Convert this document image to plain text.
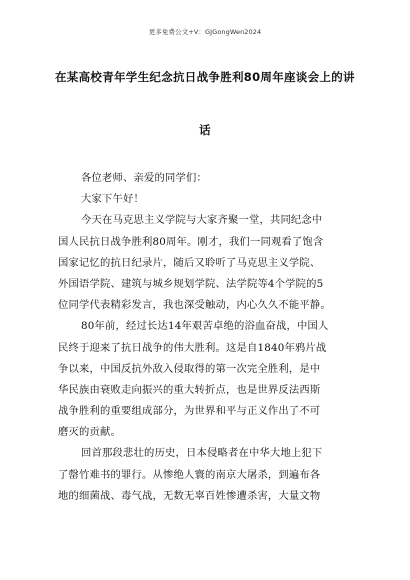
更多免费公文+V：GJGongWen2024
在某高校青年学生纪念抗日战争胜利80周年座谈会上的讲
话
各位老师、亲爱的同学们：
大家下午好！
今天在马克思主义学院与大家齐聚一堂，共同纪念中
国人民抗日战争胜利80周年。刚才，我们一同观看了饱含
国家记忆的抗日纪录片，随后又聆听了马克思主义学院、
外国语学院、建筑与城乡规划学院、法学院等4个学院的5
位同学代表精彩发言，我也深受触动，内心久久不能平静。
80年前，经过长达14年艰苦卓绝的浴血奋战，中国人
民终于迎来了抗日战争的伟大胜利。这是自1840年鸦片战
争以来，中国反抗外敌入侵取得的第一次完全胜利，是中
华民族由衰败走向振兴的重大转折点，也是世界反法西斯
战争胜利的重要组成部分，为世界和平与正义作出了不可
磨灭的贡献。
回首那段悲壮的历史，日本侵略者在中华大地上犯下
了罄竹难书的罪行。从惨绝人寰的南京大屠杀，到遍布各
地的细菌战、毒气战，无数无辜百姓惨遭杀害，大量文物
